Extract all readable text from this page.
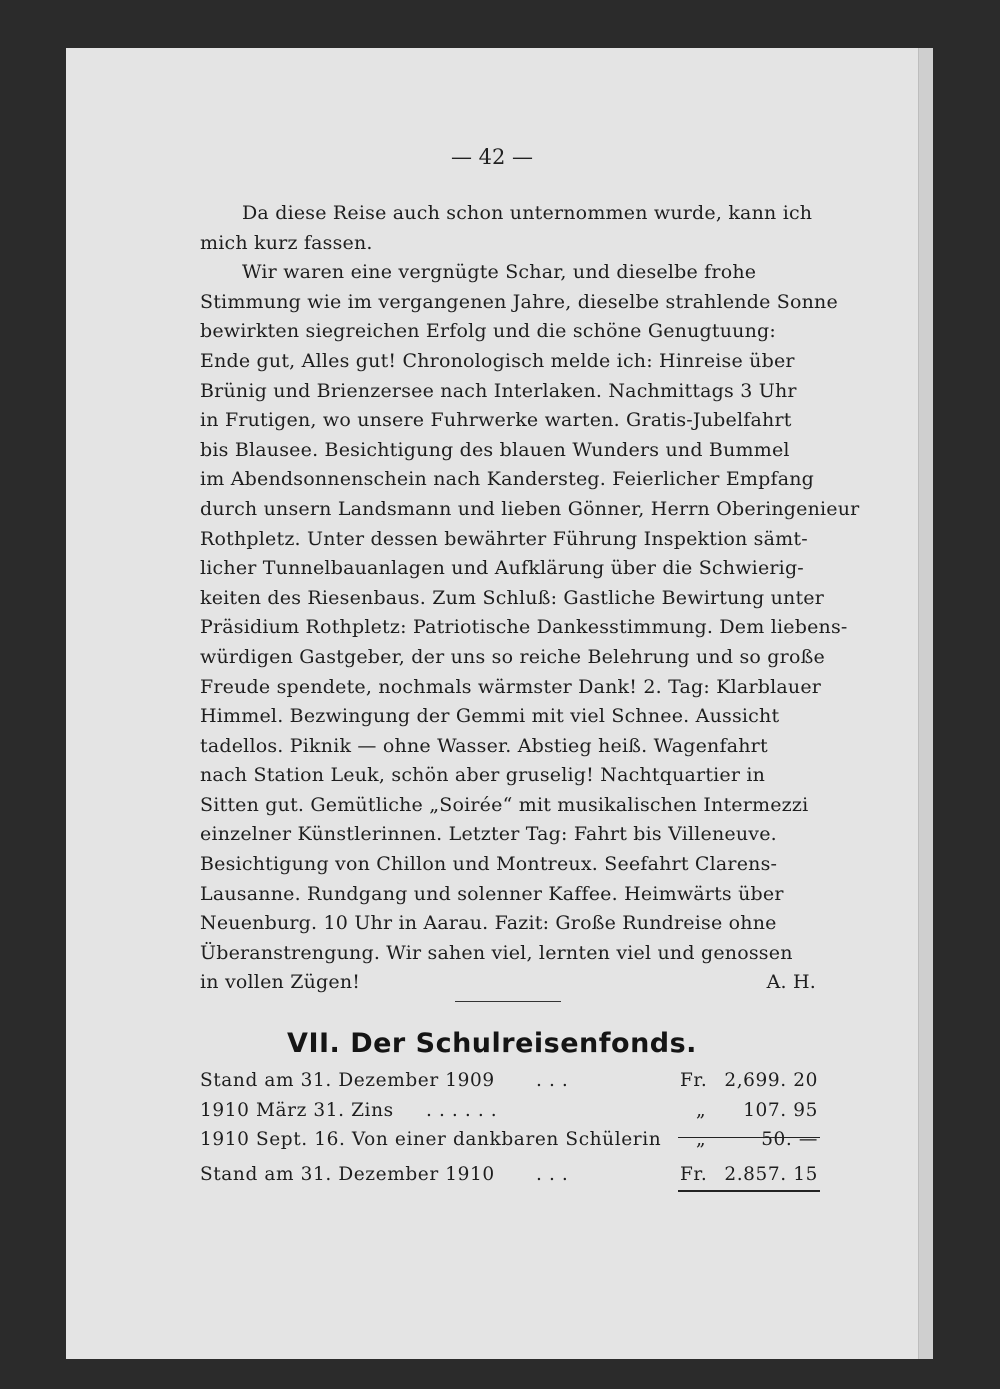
— 42 —
Da diese Reise auch schon unternommen wurde, kann ich
mich kurz fassen.
Wir waren eine vergnügte Schar, und dieselbe frohe
Stimmung wie im vergangenen Jahre, dieselbe strahlende Sonne
bewirkten siegreichen Erfolg und die schöne Genugtuung:
Ende gut, Alles gut! Chronologisch melde ich: Hinreise über
Brünig und Brienzersee nach Interlaken. Nachmittags 3 Uhr
in Frutigen, wo unsere Fuhrwerke warten. Gratis-Jubelfahrt
bis Blausee. Besichtigung des blauen Wunders und Bummel
im Abendsonnenschein nach Kandersteg. Feierlicher Empfang
durch unsern Landsmann und lieben Gönner, Herrn Oberingenieur
Rothpletz. Unter dessen bewährter Führung Inspektion sämt-
licher Tunnelbauanlagen und Aufklärung über die Schwierig-
keiten des Riesenbaus. Zum Schluß: Gastliche Bewirtung unter
Präsidium Rothpletz: Patriotische Dankesstimmung. Dem liebens-
würdigen Gastgeber, der uns so reiche Belehrung und so große
Freude spendete, nochmals wärmster Dank! 2. Tag: Klarblauer
Himmel. Bezwingung der Gemmi mit viel Schnee. Aussicht
tadellos. Piknik — ohne Wasser. Abstieg heiß. Wagenfahrt
nach Station Leuk, schön aber gruselig! Nachtquartier in
Sitten gut. Gemütliche „Soirée“ mit musikalischen Intermezzi
einzelner Künstlerinnen. Letzter Tag: Fahrt bis Villeneuve.
Besichtigung von Chillon und Montreux. Seefahrt Clarens-
Lausanne. Rundgang und solenner Kaffee. Heimwärts über
Neuenburg. 10 Uhr in Aarau. Fazit: Große Rundreise ohne
Überanstrengung. Wir sahen viel, lernten viel und genossen
in vollen Zügen!	A. H.
VII. Der Schulreisenfonds.
Stand am 31. Dezember 1909 . . .	Fr. 2,699. 20
1910 März 31. Zins . . . . . .	„	107. 95
1910 Sept. 16. Von einer dankbaren Schülerin „	50. —
Stand am 31. Dezember 1910 . . .	Fr. 2.857. 15
